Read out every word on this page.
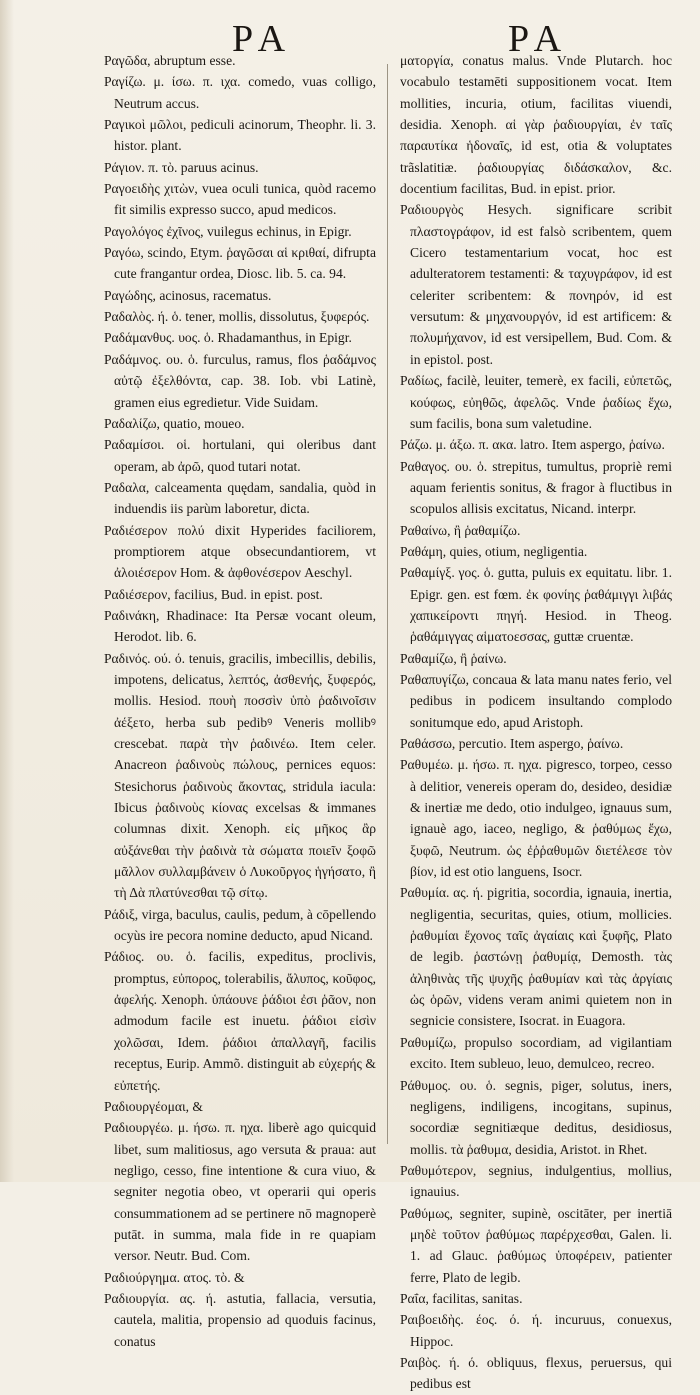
PA	PA

Ραγῶδα, abruptum esse.

Ραγίζω. μ. ίσω. π. ιχα. comedo, vuas colligo, Neutrum accus.

Ραγικοὶ μῶλοι, pediculi acinorum, Theophr. li. 3. histor. plant.

Ράγιον. π. τὸ. paruus acinus.

Ραγοειδὴς χιτὼν, vuea oculi tunica, quòd racemo fit similis expresso succo, apud medicos.

Ραγολόγος ἐχῖνος, vuilegus echinus, in Epigr.

Ραγόω, scindo, Etym. ῥαγῶσαι αἱ κριθαί, difrupta cute frangantur ordea, Diosc. lib. 5. ca. 94.

Ραγώδης, acinosus, racematus.

Ραδαλὸς. ή. ὁ. tener, mollis, dissolutus, ξυφερός.

Ραδάμανθυς. υος. ὁ. Rhadamanthus, in Epigr.

Ραδάμνος. ου. ὁ. furculus, ramus, flos ῥαδάμνος αὐτῷ ἐξελθόντα, cap. 38. Iob. vbi Latinè, gramen eius egredietur. Vide Suidam.

Ραδαλίζω, quatio, moueo.

Ραδαμίσοι. οἱ. hortulani, qui oleribus dant operam, ab ἀρῶ, quod tutari notat.

Ραδαλα, calceamenta quędam, sandalia, quòd in induendis iis parùm laboretur, dicta.

Ραδιέσερον πολύ dixit Hyperides faciliorem, promptiorem atque obsecundantiorem, vt ἀλοιέσερον Hom. & ἀφθονέσερον Aeschyl.

Ραδιέσερον, facilius, Bud. in epist. post.

Ραδινάκη, Rhadinace: Ita Persæ vocant oleum, Herodot. lib. 6.

Ραδινός. ού. ό. tenuis, gracilis, imbecillis, debilis, impotens, delicatus, λεπτός, ἀσθενής, ξυφερός, mollis. Hesiod. πουὴ ποσσὶν ὑπὸ ῥαδινοῖσιν ἀέξετο, herba sub pedibꝰ Veneris mollibꝰ crescebat. παρὰ τὴν ῥαδινέω. Item celer. Anacreon ῥαδινοὺς πώλους, pernices equos: Stesichorus ῥαδινοὺς ἄκοντας, stridula iacula: Ibicus ῥαδινοὺς κίονας excelsas & immanes columnas dixit. Xenoph. εἰς μῆκος ἂρ αὐξάνεθαι τὴν ῥαδινὰ τὰ σώματα ποιεῖν ξοφῶ μᾶλλον συλλαμβάνειν ὁ Λυκοῦργος ἡγήσατο, ἢ τὴ Δὰ πλατύνεσθαι τῷ σίτῳ.

Ράδιξ, virga, baculus, caulis, pedum, à cōpellendo ocyùs ire pecora nomine deducto, apud Nicand.

Ράδιος. ου. ὁ. facilis, expeditus, proclivis, promptus, εὐπορος, tolerabilis, ἄλυπος, κοῦφος, ἀφελής. Xenoph. ὑπάουνε ῥάδιοι ἐσι ῥᾶον, non admodum facile est inuetu. ῥάδιοι εἰσὶν χολῶσαι, Idem. ῥάδιοι ἀπαλλαγῆ, facilis receptus, Eurip. Ammõ. distinguit ab εὐχερής & εὐπετής.

Ραδιουργέομαι, &

Ραδιουργέω. μ. ήσω. π. ηχα. liberè ago quicquid libet, sum malitiosus, ago versuta & praua: aut negligo, cesso, fine intentione & cura viuo, & segniter negotia obeo, vt operarii qui operis consummationem ad se pertinere nō magnoperè putāt. in summa, mala fide in re quapiam versor. Neutr. Bud. Com.

Ραδιούργημα. ατος. τὸ. &

Ραδιουργία. ας. ή. astutia, fallacia, versutia, cautela, malitia, propensio ad quoduis facinus, conatus

ματοργία, conatus malus. Vnde Plutarch. hoc vocabulo testamēti suppositionem vocat. Item mollities, incuria, otium, facilitas viuendi, desidia. Xenoph. αἱ γὰρ ῥαδιουργίαι, ἐν ταῖς παραυτίκα ἡδοναῖς, id est, otia & voluptates trãslatitiæ. ῥαδιουργίας διδάσκαλον, &c. docentium facilitas, Bud. in epist. prior.

Ραδιουργὸς Hesych. significare scribit πλαστογράφον, id est falsò scribentem, quem Cicero testamentarium vocat, hoc est adulteratorem testamenti: & ταχυγράφον, id est celeriter scribentem: & πονηρόν, id est versutum: & μηχανουργόν, id est artificem: & πολυμήχανον, id est versipellem, Bud. Com. & in epistol. post.

Ραδίως, facilè, leuiter, temerè, ex facili, εὐπετῶς, κούφως, εὐηθῶς, ἀφελῶς. Vnde ῥαδίως ἔχω, sum facilis, bona sum valetudine.

Ράζω. μ. άξω. π. ακα. latro. Item aspergo, ῥαίνω.

Ραθαγος. ου. ὁ. strepitus, tumultus, propriè remi aquam ferientis sonitus, & fragor à fluctibus in scopulos allisis excitatus, Nicand. interpr.

Ραθαίνω, ἢ ῥαθαμίζω.

Ραθάμη, quies, otium, negligentia.

Ραθαμίγξ. γος. ὁ. gutta, puluis ex equitatu. libr. 1. Epigr. gen. est fœm. ἐκ φονίης ῥαθάμιγγι λιβάς χαπικείροντι πηγή. Hesiod. in Theog. ῥαθάμιγγας αἱματοεσσας, guttæ cruentæ.

Ραθαμίζω, ἢ ῥαίνω.

Ραθαπυγίζω, concaua & lata manu nates ferio, vel pedibus in podicem insultando complodo sonitumque edo, apud Aristoph.

Ραθάσσω, percutio. Item aspergo, ῥαίνω.

Ραθυμέω. μ. ήσω. π. ηχα. pigresco, torpeo, cesso à delitior, venereis operam do, desideo, desidiæ & inertiæ me dedo, otio indulgeo, ignauus sum, ignauè ago, iaceo, negligo, & ῥαθύμως ἔχω, ξυφῶ, Neutrum. ὡς ἐῤῥαθυμῶν διετέλεσε τὸν βίον, id est otio languens, Isocr.

Ραθυμία. ας. ή. pigritia, socordia, ignauia, inertia, negligentia, securitas, quies, otium, mollicies. ῥαθυμίαι ἔχονος ταῖς ἀγαίαις καὶ ξυφῆς, Plato de legib. ῥαστώνῃ ῥαθυμίᾳ, Demosth. τὰς ἀληθινὰς τῆς ψυχῆς ῥαθυμίαν καὶ τὰς ἀργίαις ὡς ὁρῶν, videns veram animi quietem non in segnicie consistere, Isocrat. in Euagora.

Ραθυμίζω, propulso socordiam, ad vigilantiam excito. Item subleuo, leuo, demulceo, recreo.

Ράθυμος. ου. ὁ. segnis, piger, solutus, iners, negligens, indiligens, incogitans, supinus, socordiæ segnitiæque deditus, desidiosus, mollis. τὰ ῥαθυμα, desidia, Aristot. in Rhet.

Ραθυμότερον, segnius, indulgentius, mollius, ignauius.

Ραθύμως, segniter, supinè, oscitāter, per inertiā μηδὲ τοῦτον ῥαθύμως παρέρχεσθαι, Galen. li. 1. ad Glauc. ῥαθύμως ὑποφέρειν, patienter ferre, Plato de legib.

Ραΐα, facilitas, sanitas.

Ραιβοειδὴς. έος. ό. ή. incuruus, conuexus, Hippoc.

Ραιβὸς. ή. ό. obliquus, flexus, peruersus, qui pedibus est
